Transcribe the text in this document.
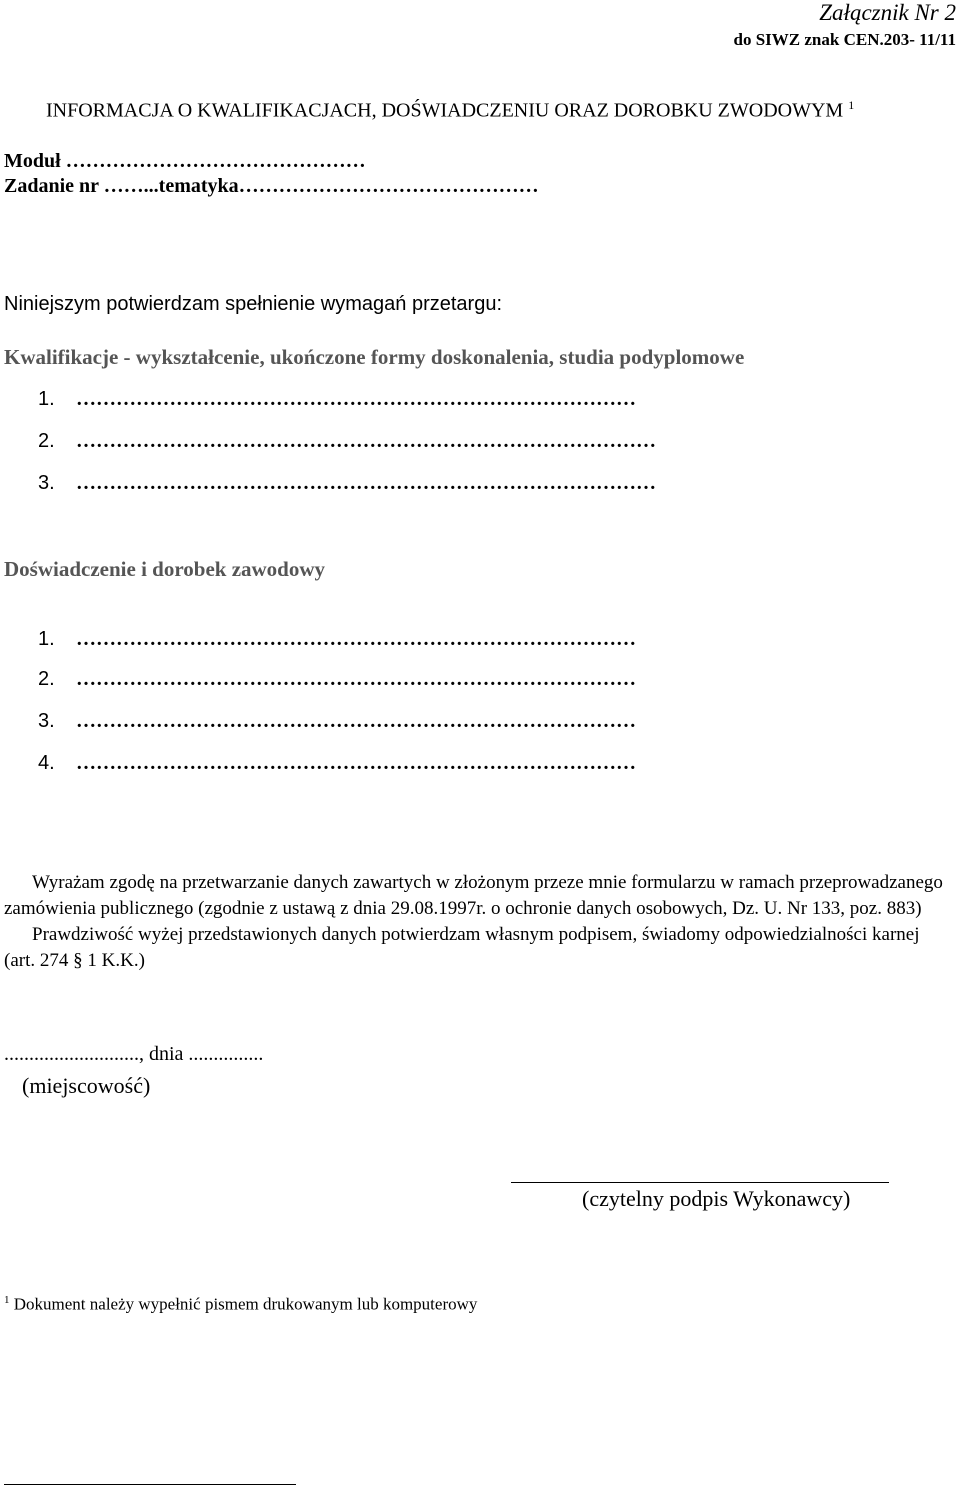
Załącznik Nr 2
do SIWZ znak CEN.203- 11/11
INFORMACJA O KWALIFIKACJACH, DOŚWIADCZENIU ORAZ DOROBKU ZWODOWYM $^1$
Moduł ………………………………………
Zadanie nr ……...tematyka………………………………………
Niniejszym potwierdzam spełnienie wymagań przetargu:
Kwalifikacje - wykształcenie, ukończone formy doskonalenia, studia podyplomowe
1. …………………………………………………………………………
2. ……………………………………………………………………………
3. ……………………………………………………………………………
Doświadczenie i dorobek zawodowy
1. …………………………………………………………………………
2. …………………………………………………………………………
3. …………………………………………………………………………
4. …………………………………………………………………………

Wyrażam zgodę na przetwarzanie danych zawartych w złożonym przeze mnie formularzu w ramach przeprowadzanego zamówienia publicznego (zgodnie z ustawą z dnia 29.08.1997r. o ochronie danych osobowych, Dz. U. Nr 133, poz. 883)

Prawdziwość wyżej przedstawionych danych potwierdzam własnym podpisem, świadomy odpowiedzialności karnej (art. 274 § 1 K.K.)

..........................., dnia ...............
(miejscowość)
(czytelny podpis Wykonawcy)
$^1$ Dokument należy wypełnić pismem drukowanym lub komputerowy
